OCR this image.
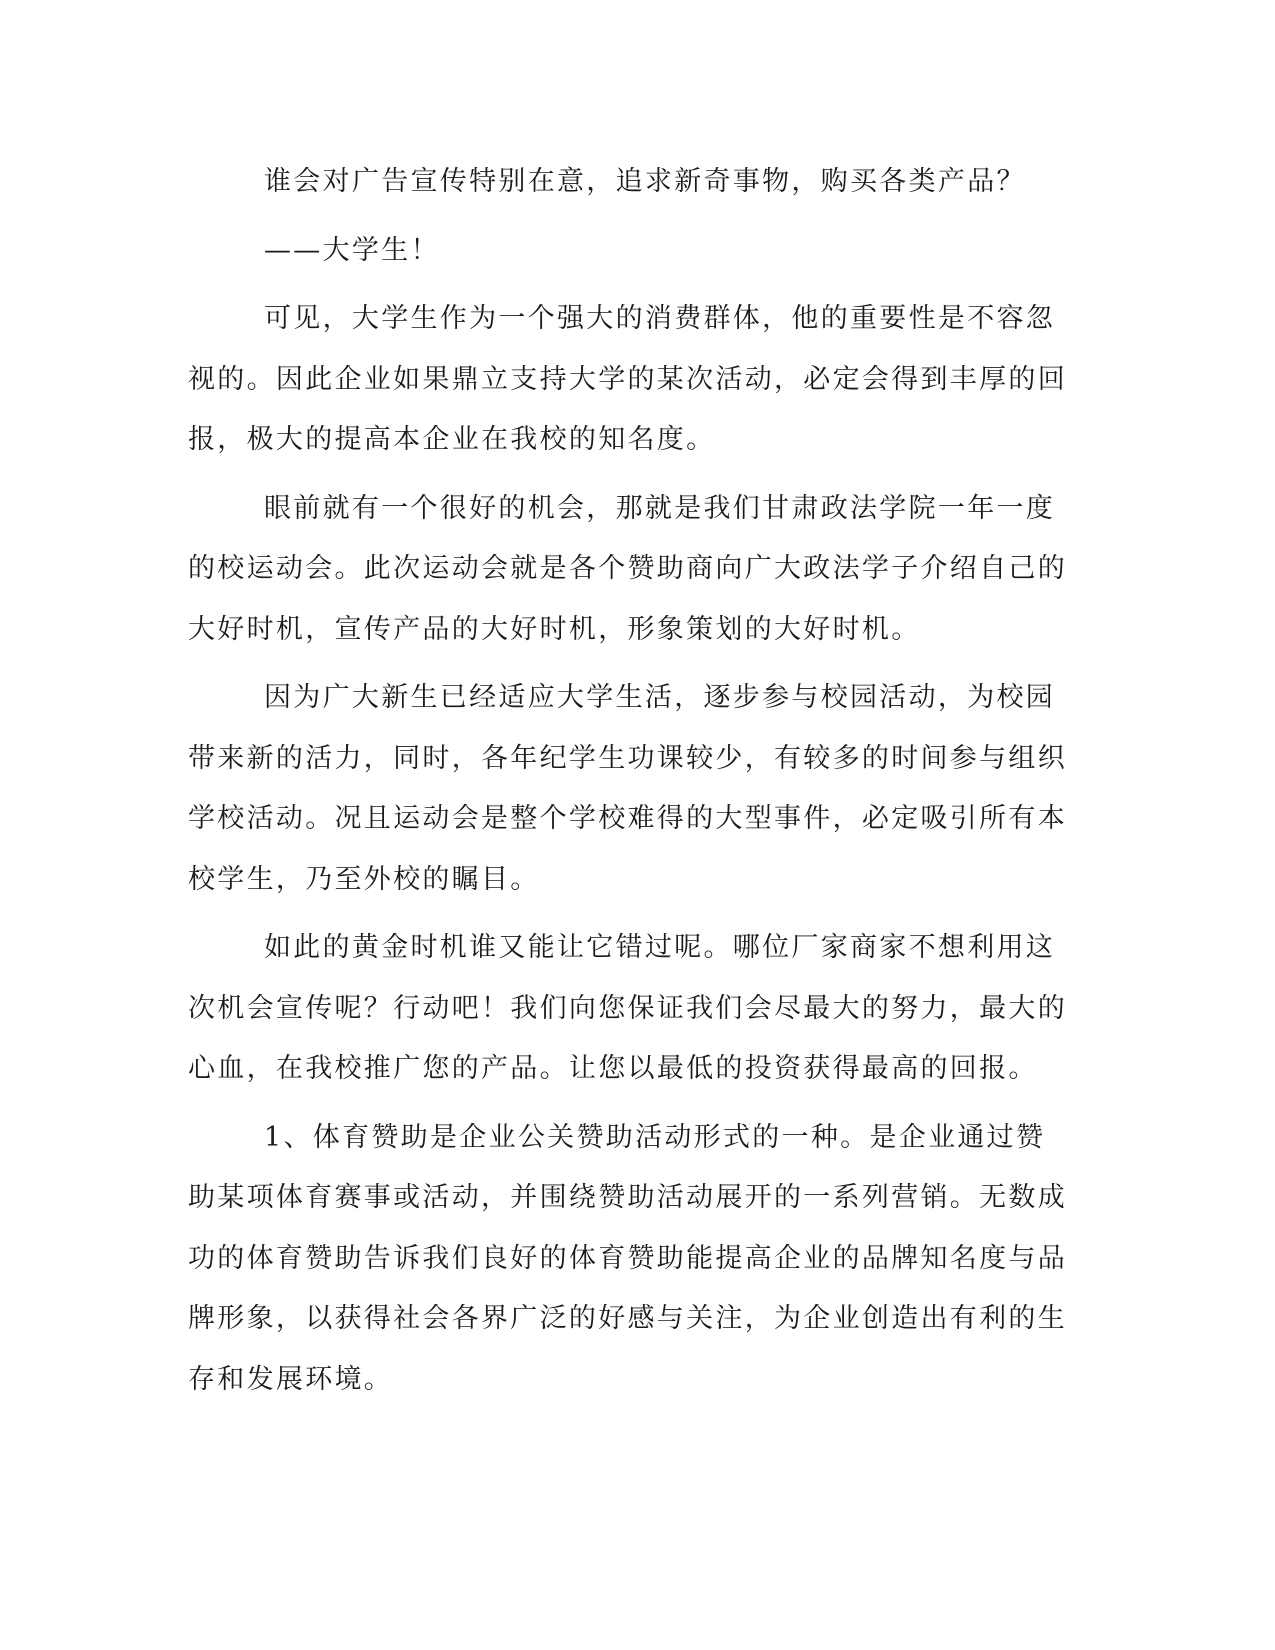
谁会对广告宣传特别在意，追求新奇事物，购买各类产品？

——大学生！

可见，大学生作为一个强大的消费群体，他的重要性是不容忽视的。因此企业如果鼎立支持大学的某次活动，必定会得到丰厚的回报，极大的提高本企业在我校的知名度。

眼前就有一个很好的机会，那就是我们甘肃政法学院一年一度的校运动会。此次运动会就是各个赞助商向广大政法学子介绍自己的大好时机，宣传产品的大好时机，形象策划的大好时机。

因为广大新生已经适应大学生活，逐步参与校园活动，为校园带来新的活力，同时，各年纪学生功课较少，有较多的时间参与组织学校活动。况且运动会是整个学校难得的大型事件，必定吸引所有本校学生，乃至外校的瞩目。

如此的黄金时机谁又能让它错过呢。哪位厂家商家不想利用这次机会宣传呢？行动吧！我们向您保证我们会尽最大的努力，最大的心血，在我校推广您的产品。让您以最低的投资获得最高的回报。

1、体育赞助是企业公关赞助活动形式的一种。是企业通过赞助某项体育赛事或活动，并围绕赞助活动展开的一系列营销。无数成功的体育赞助告诉我们良好的体育赞助能提高企业的品牌知名度与品牌形象，以获得社会各界广泛的好感与关注，为企业创造出有利的生存和发展环境。
